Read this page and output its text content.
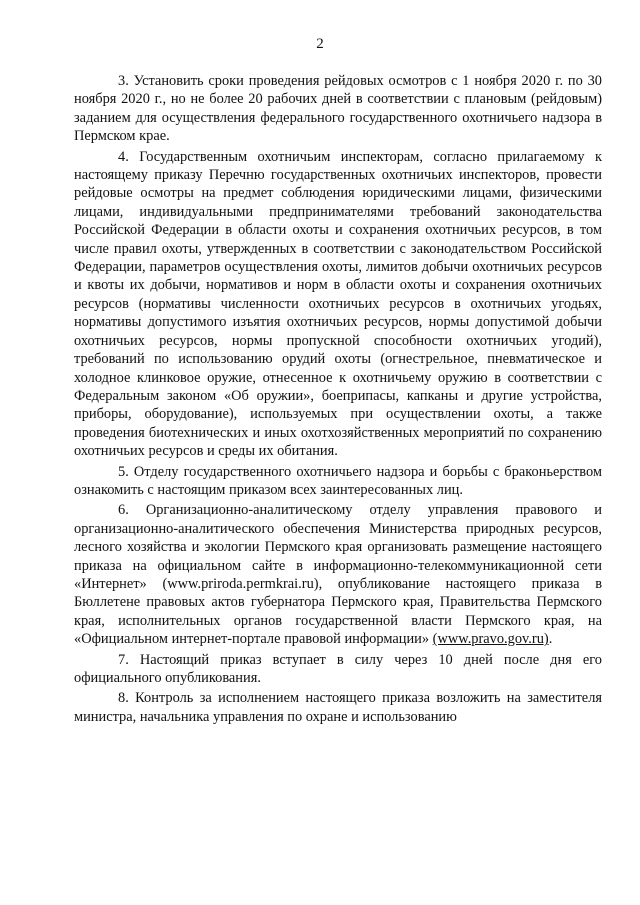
2

3. Установить сроки проведения рейдовых осмотров с 1 ноября 2020 г. по 30 ноября 2020 г., но не более 20 рабочих дней в соответствии с плановым (рейдовым) заданием для осуществления федерального государственного охотничьего надзора в Пермском крае.

4. Государственным охотничьим инспекторам, согласно прилагаемому к настоящему приказу Перечню государственных охотничьих инспекторов, провести рейдовые осмотры на предмет соблюдения юридическими лицами, физическими лицами, индивидуальными предпринимателями требований законодательства Российской Федерации в области охоты и сохранения охотничьих ресурсов, в том числе правил охоты, утвержденных в соответствии с законодательством Российской Федерации, параметров осуществления охоты, лимитов добычи охотничьих ресурсов и квоты их добычи, нормативов и норм в области охоты и сохранения охотничьих ресурсов (нормативы численности охотничьих ресурсов в охотничьих угодьях, нормативы допустимого изъятия охотничьих ресурсов, нормы допустимой добычи охотничьих ресурсов, нормы пропускной способности охотничьих угодий), требований по использованию орудий охоты (огнестрельное, пневматическое и холодное клинковое оружие, отнесенное к охотничьему оружию в соответствии с Федеральным законом «Об оружии», боеприпасы, капканы и другие устройства, приборы, оборудование), используемых при осуществлении охоты, а также проведения биотехнических и иных охотхозяйственных мероприятий по сохранению охотничьих ресурсов и среды их обитания.

5. Отделу государственного охотничьего надзора и борьбы с браконьерством ознакомить с настоящим приказом всех заинтересованных лиц.

6. Организационно-аналитическому отделу управления правового и организационно-аналитического обеспечения Министерства природных ресурсов, лесного хозяйства и экологии Пермского края организовать размещение настоящего приказа на официальном сайте в информационно-телекоммуникационной сети «Интернет» (www.priroda.permkrai.ru), опубликование настоящего приказа в Бюллетене правовых актов губернатора Пермского края, Правительства Пермского края, исполнительных органов государственной власти Пермского края, на «Официальном интернет-портале правовой информации» (www.pravo.gov.ru).

7. Настоящий приказ вступает в силу через 10 дней после дня его официального опубликования.

8. Контроль за исполнением настоящего приказа возложить на заместителя министра, начальника управления по охране и использованию
